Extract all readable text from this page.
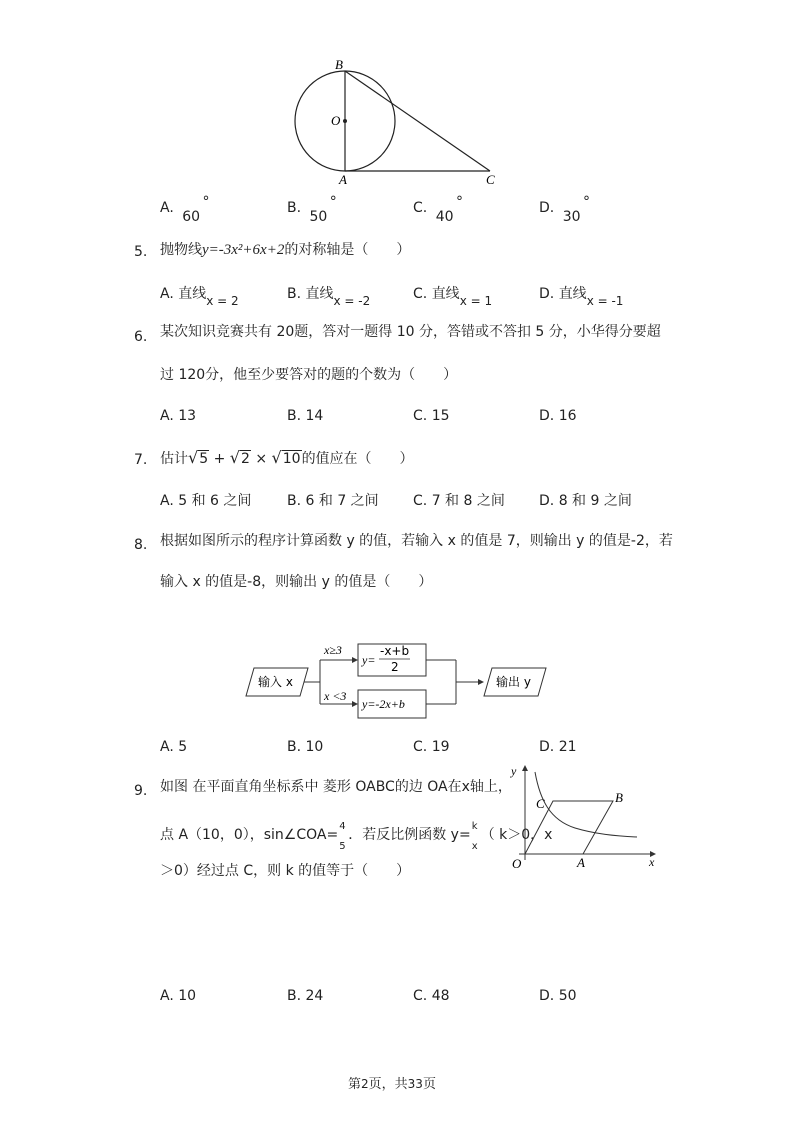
B
O
A	C
A. 60 °	B. 50 °	C. 40 °	D. 30 °
5. 抛物线y=-3x²+6x+2的对称轴是（　　）
A. 直线x = 2	B. 直线x = -2	C. 直线x = 1	D. 直线x = -1
6. 某次知识竞赛共有 20题，答对一题得 10 分，答错或不答扣 5 分，小华得分要超
过 120分，他至少要答对的题的个数为（　　）
A. 13	B. 14	C. 15	D. 16
7. 估计√5 + √2 × √10的值应在（　　）
A. 5 和 6 之间	B. 6 和 7 之间 C. 7 和 8 之间 D. 8 和 9 之间
8. 根据如图所示的程序计算函数 y 的值，若输入 x 的值是 7，则输出 y 的值是-2，若
输入 x 的值是-8，则输出 y 的值是（　　）
输入 x
x≥3
x <3
y=
-x+b
2
y=-2x+b
输出 y
A. 5	B. 10	C. 19	D. 21
9. 如图 在平面直角坐标系中 菱形 OABC的边 OA在x轴上，
点 A（10，0），sin∠COA=
4
5
．若反比例函数 y=
k
x
（ k＞0，x
＞0）经过点 C，则 k 的值等于（　　）
y
x
O	A
B
C
A. 10	B. 24	C. 48	D. 50
第2页，共33页
